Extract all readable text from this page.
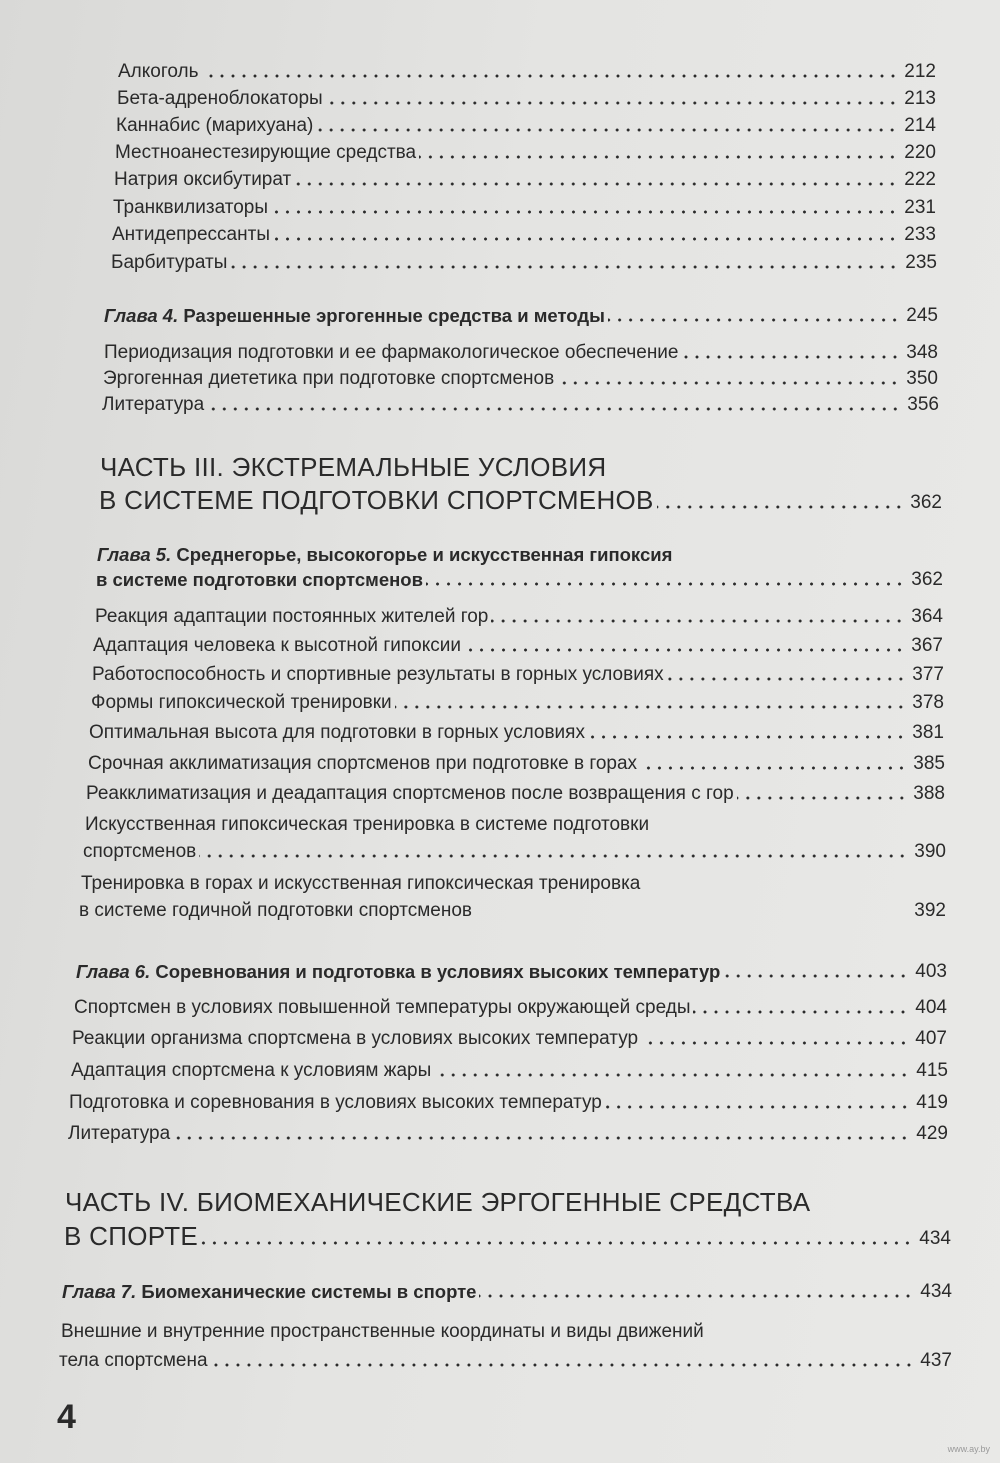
Алкоголь	212
Бета-адреноблокаторы	213
Каннабис (марихуана)	214
Местноанестезирующие средства	220
Натрия оксибутират	222
Транквилизаторы	231
Антидепрессанты	233
Барбитураты	235
Глава 4. Разрешенные эргогенные средства и методы	245
Периодизация подготовки и ее фармакологическое обеспечение	348
Эргогенная диететика при подготовке спортсменов	350
Литература	356
ЧАСТЬ III. ЭКСТРЕМАЛЬНЫЕ УСЛОВИЯ
В СИСТЕМЕ ПОДГОТОВКИ СПОРТСМЕНОВ	362
Глава 5. Среднегорье, высокогорье и искусственная гипоксия
в системе подготовки спортсменов	362
Реакция адаптации постоянных жителей гор	364
Адаптация человека к высотной гипоксии	367
Работоспособность и спортивные результаты в горных условиях	377
Формы гипоксической тренировки	378
Оптимальная высота для подготовки в горных условиях	381
Срочная акклиматизация спортсменов при подготовке в горах	385
Реакклиматизация и деадаптация спортсменов после возвращения с гор	388
Искусственная гипоксическая тренировка в системе подготовки
спортсменов	390
Тренировка в горах и искусственная гипоксическая тренировка
в системе годичной подготовки спортсменов	392
Глава 6. Соревнования и подготовка в условиях высоких температур	403
Спортсмен в условиях повышенной температуры окружающей среды	404
Реакции организма спортсмена в условиях высоких температур	407
Адаптация спортсмена к условиям жары	415
Подготовка и соревнования в условиях высоких температур	419
Литература	429
ЧАСТЬ IV. БИОМЕХАНИЧЕСКИЕ ЭРГОГЕННЫЕ СРЕДСТВА
В СПОРТЕ	434
Глава 7. Биомеханические системы в спорте	434
Внешние и внутренние пространственные координаты и виды движений
тела спортсмена	437
4
www.ay.by
